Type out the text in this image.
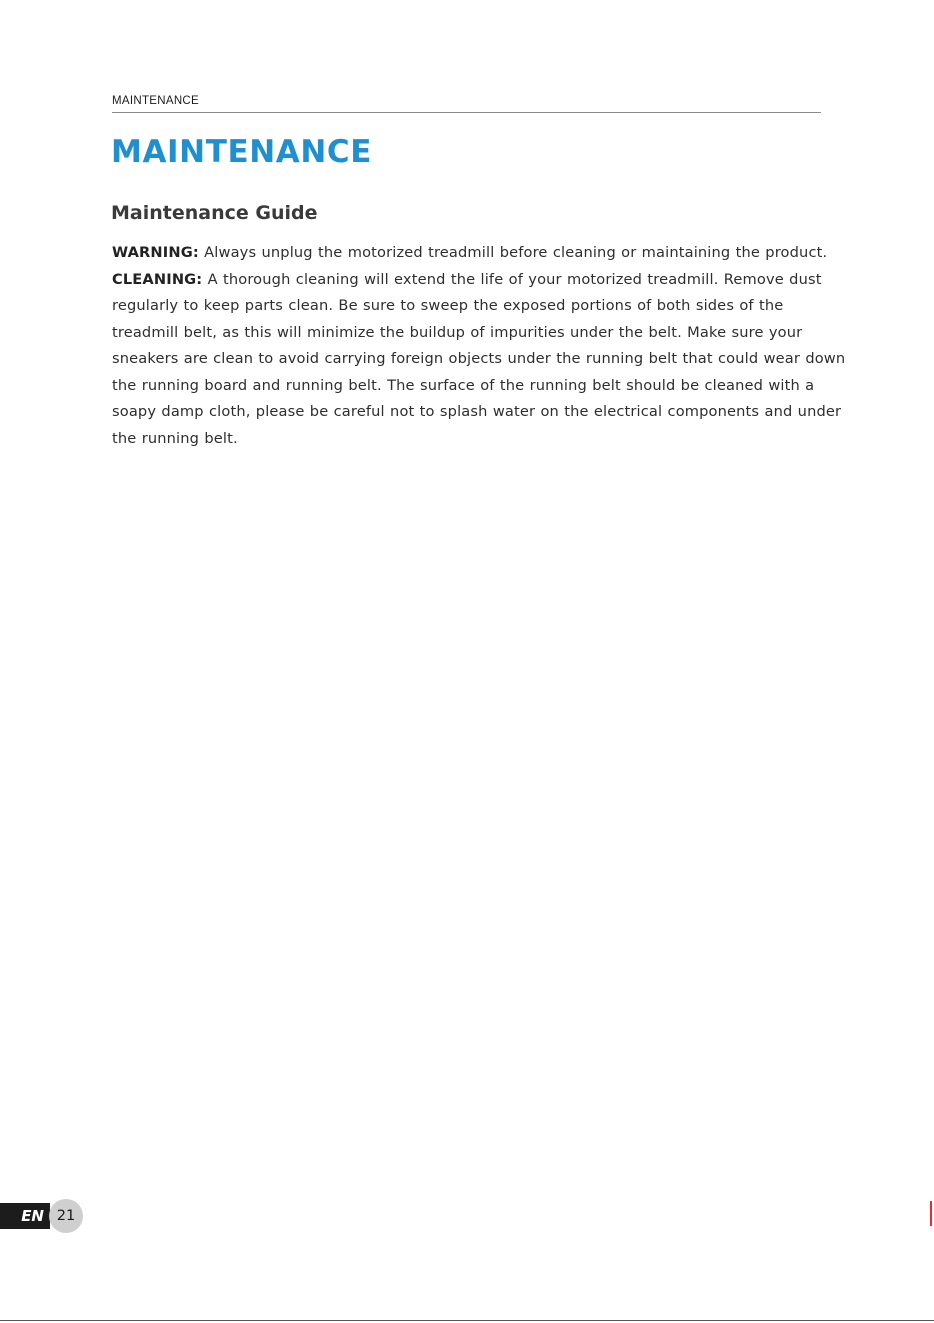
MAINTENANCE
MAINTENANCE
Maintenance Guide

WARNING: Always unplug the motorized treadmill before cleaning or maintaining the product.

CLEANING: A thorough cleaning will extend the life of your motorized treadmill. Remove dust regularly to keep parts clean. Be sure to sweep the exposed portions of both sides of the treadmill belt, as this will minimize the buildup of impurities under the belt. Make sure your sneakers are clean to avoid carrying foreign objects under the running belt that could wear down the running board and running belt. The surface of the running belt should be cleaned with a soapy damp cloth, please be careful not to splash water on the electrical components and under the running belt.

EN 21
